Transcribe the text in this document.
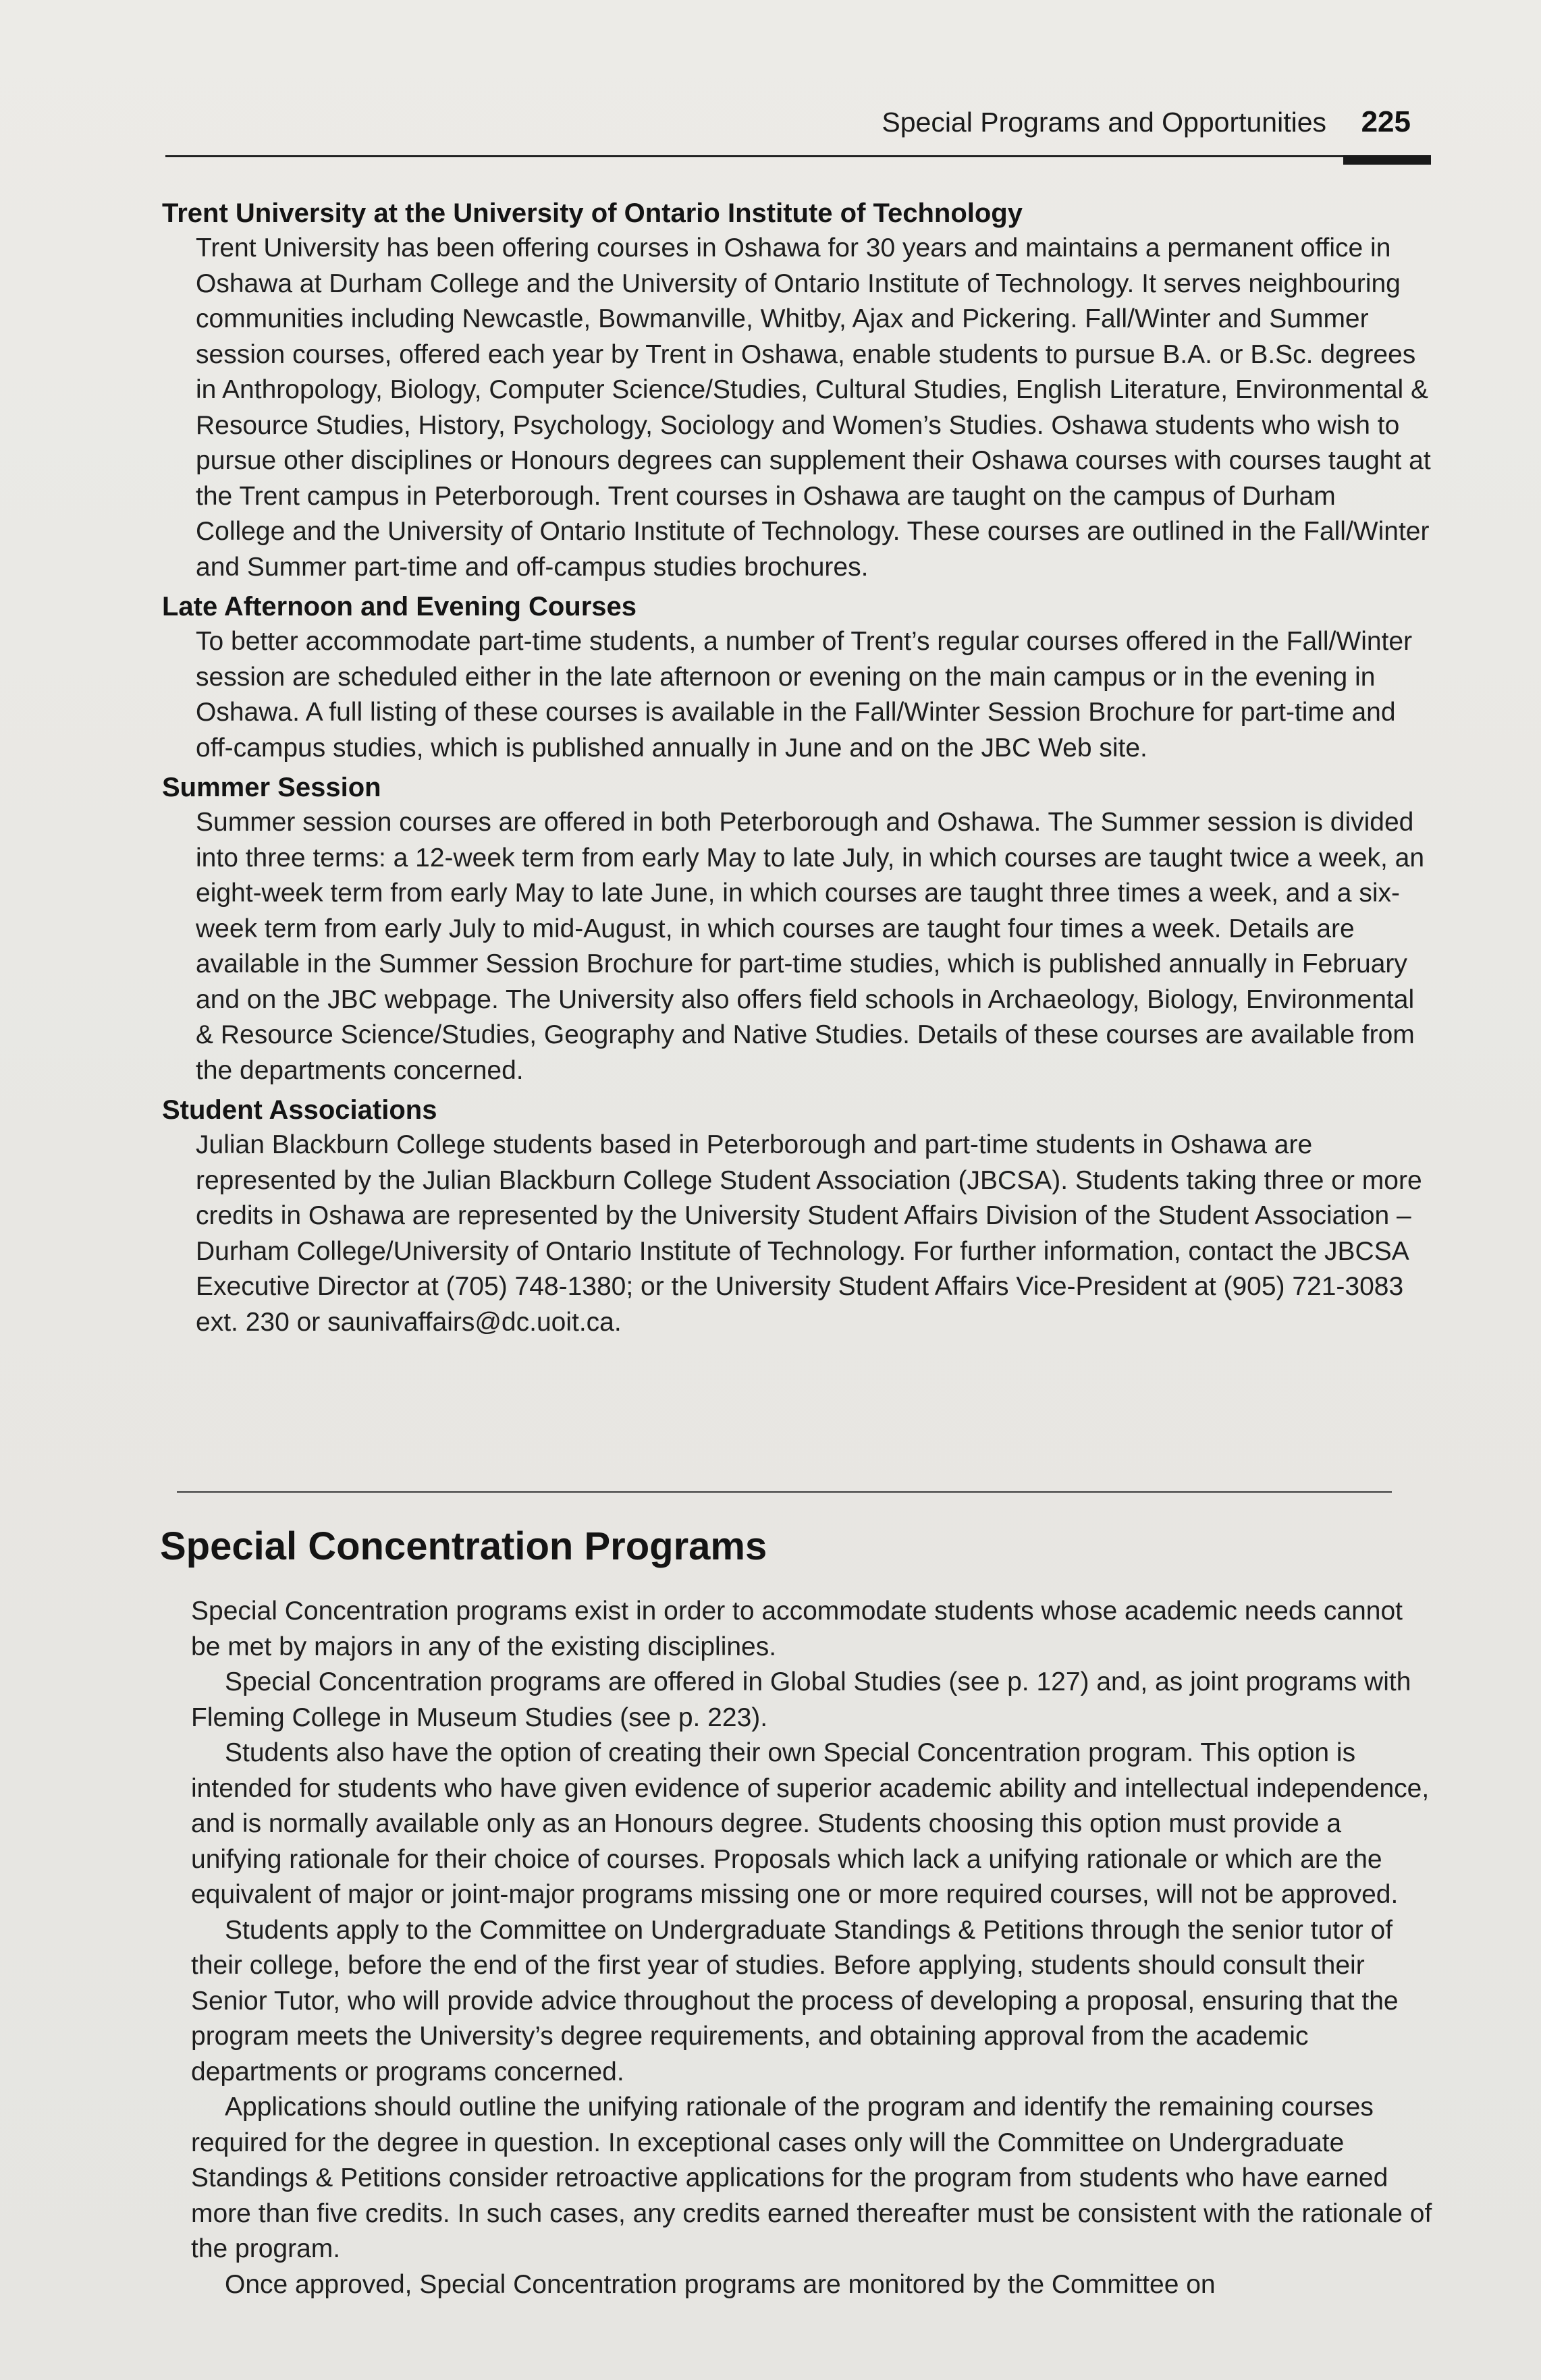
Special Programs and Opportunities 225
Trent University at the University of Ontario Institute of Technology

Trent University has been offering courses in Oshawa for 30 years and maintains a permanent office in Oshawa at Durham College and the University of Ontario Institute of Technology. It serves neighbouring communities including Newcastle, Bowmanville, Whitby, Ajax and Pickering. Fall/Winter and Summer session courses, offered each year by Trent in Oshawa, enable students to pursue B.A. or B.Sc. degrees in Anthropology, Biology, Computer Science/Studies, Cultural Studies, English Literature, Environmental & Resource Studies, History, Psychology, Sociology and Women’s Studies. Oshawa students who wish to pursue other disciplines or Honours degrees can supplement their Oshawa courses with courses taught at the Trent campus in Peterborough. Trent courses in Oshawa are taught on the campus of Durham College and the University of Ontario Institute of Technology. These courses are outlined in the Fall/Winter and Summer part-time and off-campus studies brochures.

Late Afternoon and Evening Courses

To better accommodate part-time students, a number of Trent’s regular courses offered in the Fall/Winter session are scheduled either in the late afternoon or evening on the main campus or in the evening in Oshawa. A full listing of these courses is available in the Fall/Winter Session Brochure for part-time and off-campus studies, which is published annually in June and on the JBC Web site.

Summer Session

Summer session courses are offered in both Peterborough and Oshawa. The Summer session is divided into three terms: a 12-week term from early May to late July, in which courses are taught twice a week, an eight-week term from early May to late June, in which courses are taught three times a week, and a six-week term from early July to mid-August, in which courses are taught four times a week. Details are available in the Summer Session Brochure for part-time studies, which is published annually in February and on the JBC webpage. The University also offers field schools in Archaeology, Biology, Environmental & Resource Science/Studies, Geography and Native Studies. Details of these courses are available from the departments concerned.

Student Associations

Julian Blackburn College students based in Peterborough and part-time students in Oshawa are represented by the Julian Blackburn College Student Association (JBCSA). Students taking three or more credits in Oshawa are represented by the University Student Affairs Division of the Student Association – Durham College/University of Ontario Institute of Technology. For further information, contact the JBCSA Executive Director at (705) 748-1380; or the University Student Affairs Vice-President at (905) 721-3083 ext. 230 or saunivaffairs@dc.uoit.ca.

Special Concentration Programs

Special Concentration programs exist in order to accommodate students whose academic needs cannot be met by majors in any of the existing disciplines.

Special Concentration programs are offered in Global Studies (see p. 127) and, as joint programs with Fleming College in Museum Studies (see p. 223).

Students also have the option of creating their own Special Concentration program. This option is intended for students who have given evidence of superior academic ability and intellectual independence, and is normally available only as an Honours degree. Students choosing this option must provide a unifying rationale for their choice of courses. Proposals which lack a unifying rationale or which are the equivalent of major or joint-major programs missing one or more required courses, will not be approved.

Students apply to the Committee on Undergraduate Standings & Petitions through the senior tutor of their college, before the end of the first year of studies. Before applying, students should consult their Senior Tutor, who will provide advice throughout the process of developing a proposal, ensuring that the program meets the University’s degree requirements, and obtaining approval from the academic departments or programs concerned.

Applications should outline the unifying rationale of the program and identify the remaining courses required for the degree in question. In exceptional cases only will the Committee on Undergraduate Standings & Petitions consider retroactive applications for the program from students who have earned more than five credits. In such cases, any credits earned thereafter must be consistent with the rationale of the program.

Once approved, Special Concentration programs are monitored by the Committee on
